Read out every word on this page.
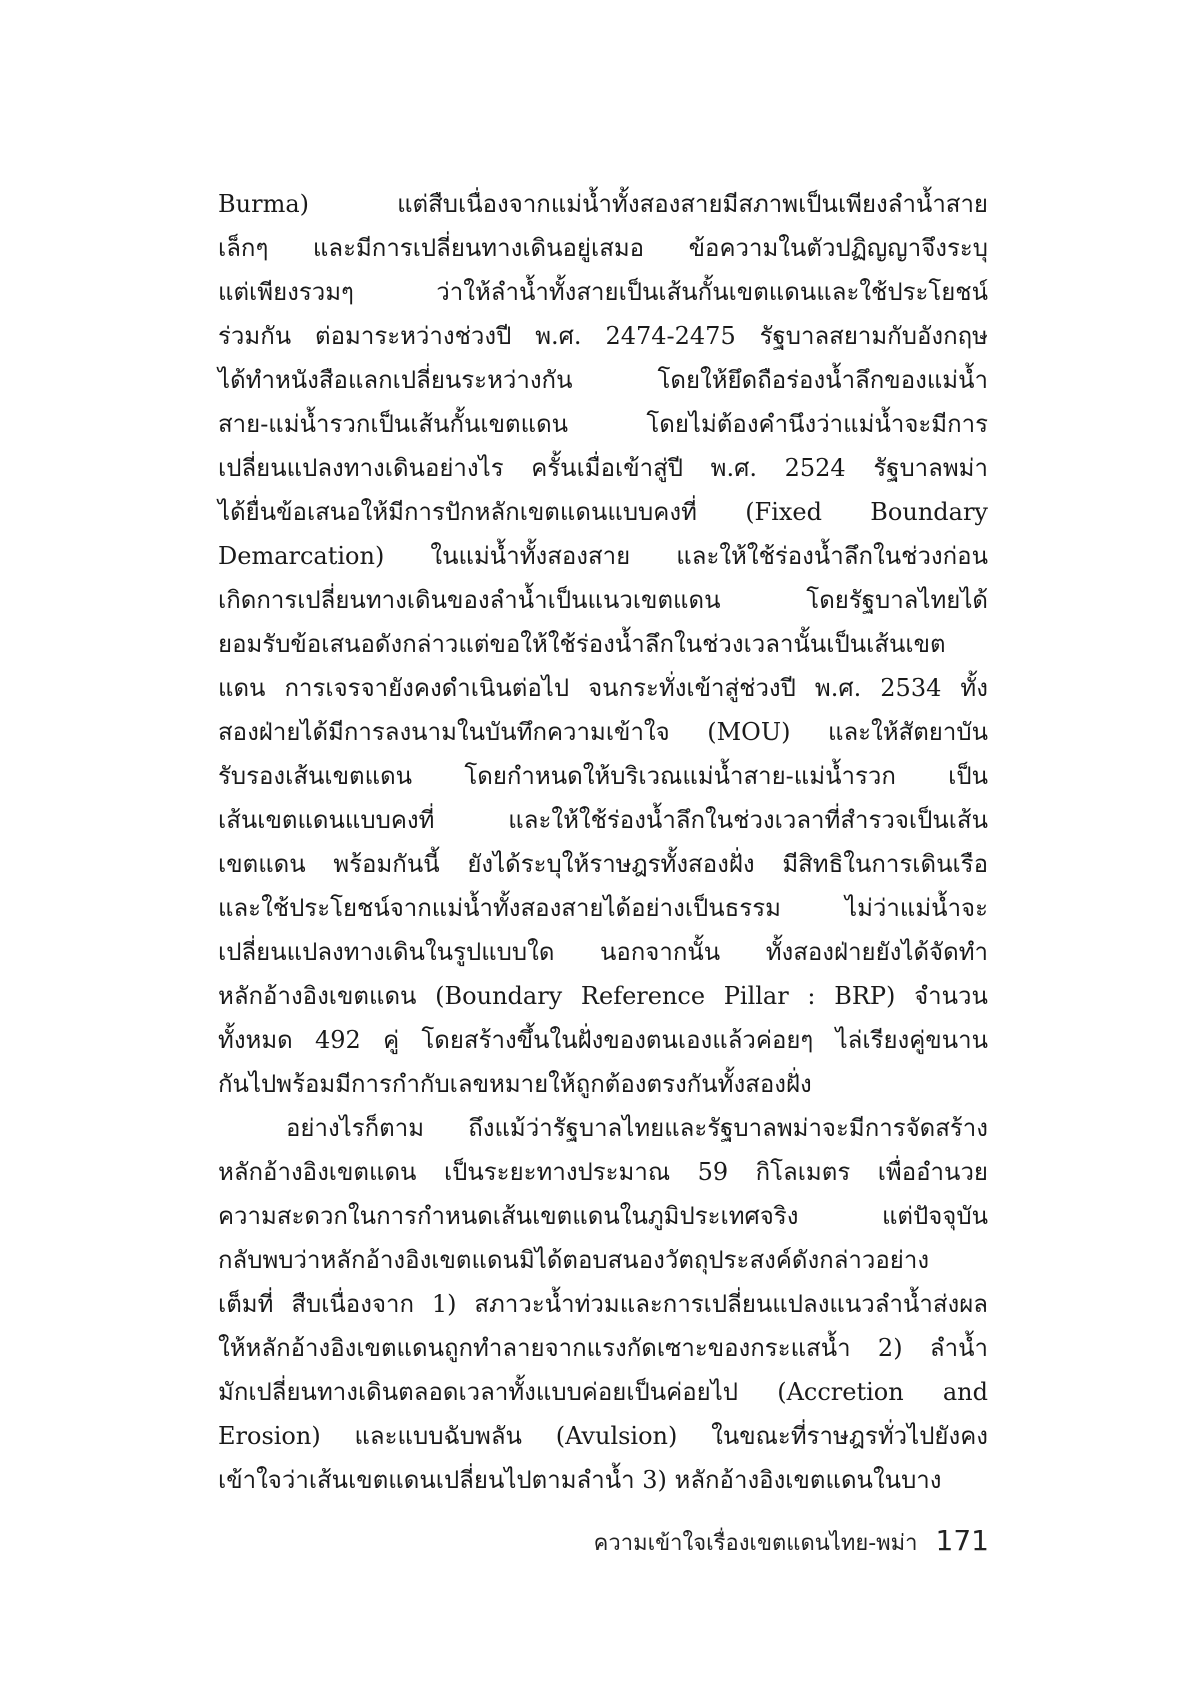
Burma)	แต่สืบเนื่องจากแม่น้ำทั้งสองสายมีสภาพเป็นเพียงลำน้ำสาย
เล็กๆ และมีการเปลี่ยนทางเดินอยู่เสมอ ข้อความในตัวปฏิญญาจึงระบุ
แต่เพียงรวมๆ	ว่าให้ลำน้ำทั้งสายเป็นเส้นกั้นเขตแดนและใช้ประโยชน์
ร่วมกัน ต่อมาระหว่างช่วงปี พ.ศ. 2474-2475 รัฐบาลสยามกับอังกฤษ
ได้ทำหนังสือแลกเปลี่ยนระหว่างกัน	โดยให้ยึดถือร่องน้ำลึกของแม่น้ำ
สาย-แม่น้ำรวกเป็นเส้นกั้นเขตแดน	โดยไม่ต้องคำนึงว่าแม่น้ำจะมีการ
เปลี่ยนแปลงทางเดินอย่างไร ครั้นเมื่อเข้าสู่ปี พ.ศ. 2524 รัฐบาลพม่า
ได้ยื่นข้อเสนอให้มีการปักหลักเขตแดนแบบคงที่ (Fixed Boundary
Demarcation) ในแม่น้ำทั้งสองสาย และให้ใช้ร่องน้ำลึกในช่วงก่อน
เกิดการเปลี่ยนทางเดินของลำน้ำเป็นแนวเขตแดน	โดยรัฐบาลไทยได้
ยอมรับข้อเสนอดังกล่าวแต่ขอให้ใช้ร่องน้ำลึกในช่วงเวลานั้นเป็นเส้นเขต
แดน การเจรจายังคงดำเนินต่อไป จนกระทั่งเข้าสู่ช่วงปี พ.ศ. 2534 ทั้ง
สองฝ่ายได้มีการลงนามในบันทึกความเข้าใจ (MOU) และให้สัตยาบัน
รับรองเส้นเขตแดน โดยกำหนดให้บริเวณแม่น้ำสาย-แม่น้ำรวก เป็น
เส้นเขตแดนแบบคงที่	และให้ใช้ร่องน้ำลึกในช่วงเวลาที่สำรวจเป็นเส้น
เขตแดน พร้อมกันนี้ ยังได้ระบุให้ราษฎรทั้งสองฝั่ง มีสิทธิในการเดินเรือ
และใช้ประโยชน์จากแม่น้ำทั้งสองสายได้อย่างเป็นธรรม	ไม่ว่าแม่น้ำจะ
เปลี่ยนแปลงทางเดินในรูปแบบใด นอกจากนั้น ทั้งสองฝ่ายยังได้จัดทำ
หลักอ้างอิงเขตแดน (Boundary Reference Pillar : BRP) จำนวน
ทั้งหมด 492 คู่ โดยสร้างขึ้นในฝั่งของตนเองแล้วค่อยๆ ไล่เรียงคู่ขนาน
กันไปพร้อมมีการกำกับเลขหมายให้ถูกต้องตรงกันทั้งสองฝั่ง
อย่างไรก็ตาม ถึงแม้ว่ารัฐบาลไทยและรัฐบาลพม่าจะมีการจัดสร้าง
หลักอ้างอิงเขตแดน เป็นระยะทางประมาณ 59 กิโลเมตร เพื่ออำนวย
ความสะดวกในการกำหนดเส้นเขตแดนในภูมิประเทศจริง	แต่ปัจจุบัน
กลับพบว่าหลักอ้างอิงเขตแดนมิได้ตอบสนองวัตถุประสงค์ดังกล่าวอย่าง
เต็มที่ สืบเนื่องจาก 1) สภาวะน้ำท่วมและการเปลี่ยนแปลงแนวลำน้ำส่งผล
ให้หลักอ้างอิงเขตแดนถูกทำลายจากแรงกัดเซาะของกระแสน้ำ 2) ลำน้ำ
มักเปลี่ยนทางเดินตลอดเวลาทั้งแบบค่อยเป็นค่อยไป (Accretion and
Erosion) และแบบฉับพลัน (Avulsion) ในขณะที่ราษฎรทั่วไปยังคง
เข้าใจว่าเส้นเขตแดนเปลี่ยนไปตามลำน้ำ 3) หลักอ้างอิงเขตแดนในบาง
ความเข้าใจเรื่องเขตแดนไทย-พม่า 171
